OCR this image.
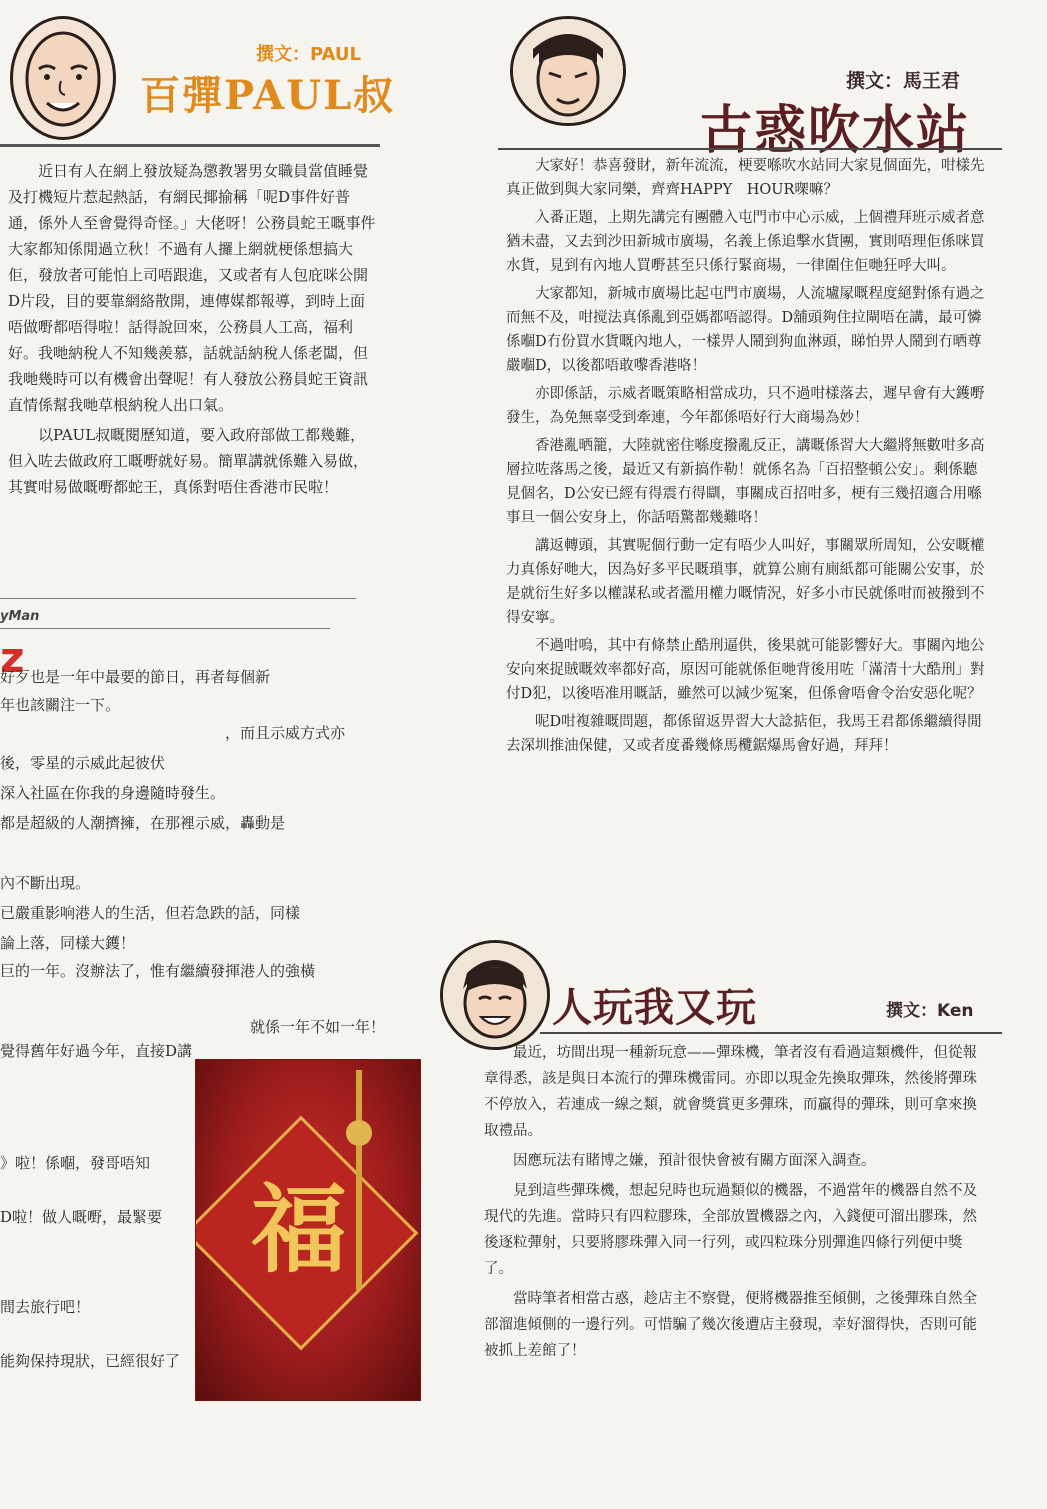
撰文：PAUL
百彈PAUL叔

近日有人在網上發放疑為懲教署男女職員當值睡覺及打機短片惹起熱話，有網民揶揄稱「呢D事件好普通，係外人至會覺得奇怪。」大佬呀！公務員蛇王嘅事件大家都知係閒過立秋！不過有人攞上網就梗係想搞大佢，發放者可能怕上司唔跟進，又或者有人包庇咪公開D片段，目的要靠網絡散開，連傳媒都報導，到時上面唔做嘢都唔得啦！話得說回來，公務員人工高，福利好。我哋納稅人不知幾羨慕，話就話納稅人係老闆，但我哋幾時可以有機會出聲呢！有人發放公務員蛇王資訊直情係幫我哋草根納稅人出口氣。

以PAUL叔嘅閱歷知道，要入政府部做工都幾難，但入咗去做政府工嘅嘢就好易。簡單講就係難入易做，其實咁易做嘅嘢都蛇王，真係對唔住香港市民啦！

yMan
z
好歹也是一年中最要的節日，再者每個新
年也該關注一下。
，而且示威方式亦
後，零星的示威此起彼伏
深入社區在你我的身邊隨時發生。
都是超級的人潮擠擁，在那裡示威，轟動是
內不斷出現。
已嚴重影响港人的生活，但若急跌的話，同樣
論上落，同樣大鑊！
巨的一年。沒辦法了，惟有繼續發揮港人的強橫
就係一年不如一年！
覺得舊年好過今年，直接D講
》啦！係嗰，發哥唔知
D啦！做人嘅嘢，最緊要
間去旅行吧！
能夠保持現狀，已經很好了
福
撰文：馬王君
古惑吹水站

大家好！恭喜發財，新年流流，梗要喺吹水站同大家見個面先，咁樣先真正做到與大家同樂，齊齊HAPPY　HOUR㗎嘛？

入番正題，上期先講完有團體入屯門市中心示威，上個禮拜班示威者意猶未盡，又去到沙田新城市廣場，名義上係追擊水貨團，實則唔理佢係咪買水貨，見到有內地人買嘢甚至只係行緊商場，一律圍住佢哋狂呼大叫。

大家都知，新城市廣場比起屯門市廣場，人流壚㞘嘅程度絕對係有過之而無不及，咁搅法真係亂到亞媽都唔認得。D舖頭夠住拉閘唔在講，最可憐係嗰D冇份買水貨嘅內地人，一樣畀人鬧到狗血淋頭，睇怕畀人鬧到冇晒尊嚴嗰D，以後都唔敢嚟香港咯！

亦即係話，示威者嘅策略相當成功，只不過咁樣落去，遲早會有大鑊嘢發生，為免無辜受到牽連，今年都係唔好行大商場為妙！

香港亂晒籠，大陸就密住喺度撥亂反正，講嘅係習大大繼將無數咁多高層拉咗落馬之後，最近又有新搞作勒！就係名為「百招整頓公安」。剩係聽見個名，D公安已經有得震冇得瞓，事關成百招咁多，梗有三幾招適合用喺事旦一個公安身上，你話唔驚都幾難咯！

講返轉頭，其實呢個行動一定有唔少人叫好，事關眾所周知，公安嘅權力真係好哋大，因為好多平民嘅瑣事，就算公廁有廁紙都可能關公安事，於是就衍生好多以權謀私或者濫用權力嘅情況，好多小市民就係咁而被撥到不得安寧。

不過咁嗚，其中有條禁止酷刑逼供，後果就可能影響好大。事關內地公安向來捉賊嘅效率都好高，原因可能就係佢哋背後用咗「滿清十大酷刑」對付D犯，以後唔准用嘅話，雖然可以減少冤案，但係會唔會令治安惡化呢？

呢D咁複雜嘅問題，都係留返畀習大大諗掂佢，我馬王君都係繼續得閒去深圳推油保健，又或者度番幾條馬欖鋸爆馬會好過，拜拜！

人玩我又玩	撰文：Ken

最近，坊間出現一種新玩意——彈珠機，筆者沒有看過這類機件，但從報章得悉，該是與日本流行的彈珠機雷同。亦即以現金先換取彈珠，然後將彈珠不停放入，若連成一線之類，就會獎賞更多彈珠，而贏得的彈珠，則可拿來換取禮品。

因應玩法有賭博之嫌，預計很快會被有關方面深入調查。

見到這些彈珠機，想起兒時也玩過類似的機器，不過當年的機器自然不及現代的先進。當時只有四粒膠珠，全部放置機器之內，入錢便可溜出膠珠，然後逐粒彈射，只要將膠珠彈入同一行列，或四粒珠分別彈進四條行列便中獎了。

當時筆者相當古惑，趁店主不察覺，便將機器推至傾側，之後彈珠自然全部溜進傾側的一邊行列。可惜騙了幾次後遭店主發現，幸好溜得快，否則可能被抓上差館了！
